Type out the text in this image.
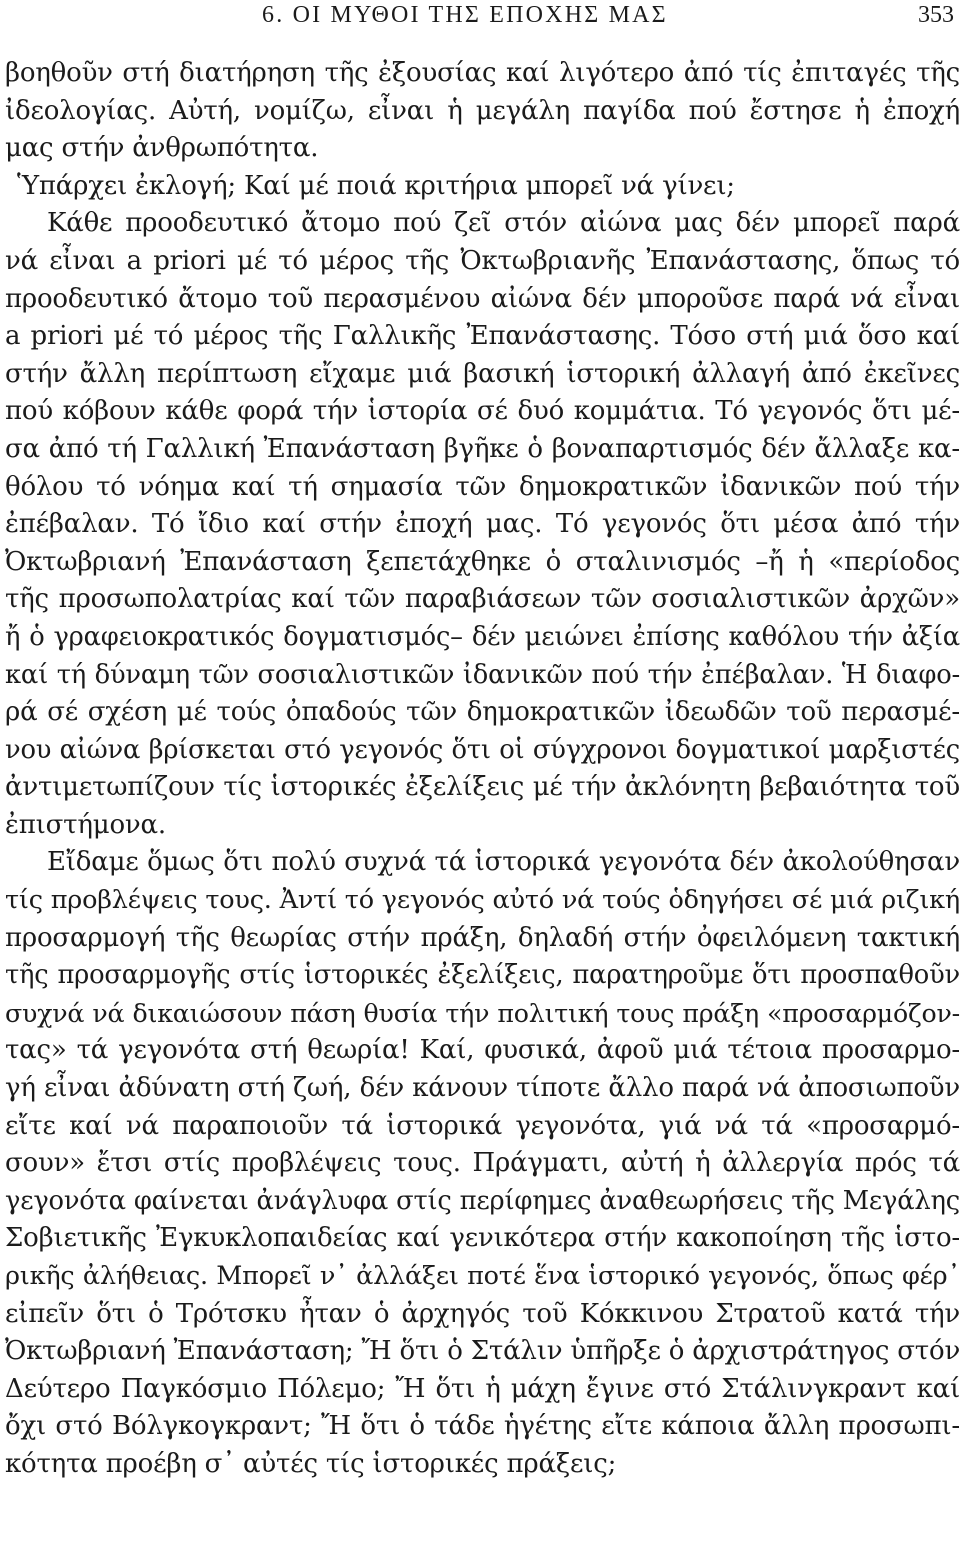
6. ΟΙ ΜΥΘΟΙ ΤΗΣ ΕΠΟΧΗΣ ΜΑΣ	353
βοηθοῦν στή διατήρηση τῆς ἐξουσίας καί λιγότερο ἀπό τίς ἐπιταγές τῆς
ἰδεολογίας. Αὐτή, νομίζω, εἶναι ἡ μεγάλη παγίδα πού ἔστησε ἡ ἐποχή
μας στήν ἀνθρωπότητα.
Ὑπάρχει ἐκλογή; Καί μέ ποιά κριτήρια μπορεῖ νά γίνει;
Κάθε προοδευτικό ἄτομο πού ζεῖ στόν αἰώνα μας δέν μπορεῖ παρά
νά εἶναι a priori μέ τό μέρος τῆς Ὀκτωβριανῆς Ἐπανάστασης, ὅπως τό
προοδευτικό ἄτομο τοῦ περασμένου αἰώνα δέν μποροῦσε παρά νά εἶναι
a priori μέ τό μέρος τῆς Γαλλικῆς Ἐπανάστασης. Τόσο στή μιά ὅσο καί
στήν ἄλλη περίπτωση εἴχαμε μιά βασική ἱστορική ἀλλαγή ἀπό ἐκεῖνες
πού κόβουν κάθε φορά τήν ἱστορία σέ δυό κομμάτια. Τό γεγονός ὅτι μέ-
σα ἀπό τή Γαλλική Ἐπανάσταση βγῆκε ὁ βοναπαρτισμός δέν ἄλλαξε κα-
θόλου τό νόημα καί τή σημασία τῶν δημοκρατικῶν ἰδανικῶν πού τήν
ἐπέβαλαν. Τό ἴδιο καί στήν ἐποχή μας. Τό γεγονός ὅτι μέσα ἀπό τήν
Ὀκτωβριανή Ἐπανάσταση ξεπετάχθηκε ὁ σταλινισμός –ἤ ἡ «περίοδος
τῆς προσωπολατρίας καί τῶν παραβιάσεων τῶν σοσιαλιστικῶν ἀρχῶν»
ἤ ὁ γραφειοκρατικός δογματισμός– δέν μειώνει ἐπίσης καθόλου τήν ἀξία
καί τή δύναμη τῶν σοσιαλιστικῶν ἰδανικῶν πού τήν ἐπέβαλαν. Ἡ διαφο-
ρά σέ σχέση μέ τούς ὀπαδούς τῶν δημοκρατικῶν ἰδεωδῶν τοῦ περασμέ-
νου αἰώνα βρίσκεται στό γεγονός ὅτι οἱ σύγχρονοι δογματικοί μαρξιστές
ἀντιμετωπίζουν τίς ἱστορικές ἐξελίξεις μέ τήν ἀκλόνητη βεβαιότητα τοῦ
ἐπιστήμονα.
Εἴδαμε ὅμως ὅτι πολύ συχνά τά ἱστορικά γεγονότα δέν ἀκολούθησαν
τίς προβλέψεις τους. Ἀντί τό γεγονός αὐτό νά τούς ὁδηγήσει σέ μιά ριζική
προσαρμογή τῆς θεωρίας στήν πράξη, δηλαδή στήν ὀφειλόμενη τακτική
τῆς προσαρμογῆς στίς ἱστορικές ἐξελίξεις, παρατηροῦμε ὅτι προσπαθοῦν
συχνά νά δικαιώσουν πάση θυσία τήν πολιτική τους πράξη «προσαρμόζον-
τας» τά γεγονότα στή θεωρία! Καί, φυσικά, ἀφοῦ μιά τέτοια προσαρμο-
γή εἶναι ἀδύνατη στή ζωή, δέν κάνουν τίποτε ἄλλο παρά νά ἀποσιωποῦν
εἴτε καί νά παραποιοῦν τά ἱστορικά γεγονότα, γιά νά τά «προσαρμό-
σουν» ἔτσι στίς προβλέψεις τους. Πράγματι, αὐτή ἡ ἀλλεργία πρός τά
γεγονότα φαίνεται ἀνάγλυφα στίς περίφημες ἀναθεωρήσεις τῆς Μεγάλης
Σοβιετικῆς Ἐγκυκλοπαιδείας καί γενικότερα στήν κακοποίηση τῆς ἱστο-
ρικῆς ἀλήθειας. Μπορεῖ ν᾿ ἀλλάξει ποτέ ἕνα ἱστορικό γεγονός, ὅπως φέρ᾿
εἰπεῖν ὅτι ὁ Τρότσκυ ἦταν ὁ ἀρχηγός τοῦ Κόκκινου Στρατοῦ κατά τήν
Ὀκτωβριανή Ἐπανάσταση; Ἤ ὅτι ὁ Στάλιν ὑπῆρξε ὁ ἀρχιστράτηγος στόν
Δεύτερο Παγκόσμιο Πόλεμο; Ἤ ὅτι ἡ μάχη ἔγινε στό Στάλινγκραντ καί
ὄχι στό Βόλγκογκραντ; Ἤ ὅτι ὁ τάδε ἡγέτης εἴτε κάποια ἄλλη προσωπι-
κότητα προέβη σ᾿ αὐτές τίς ἱστορικές πράξεις;
